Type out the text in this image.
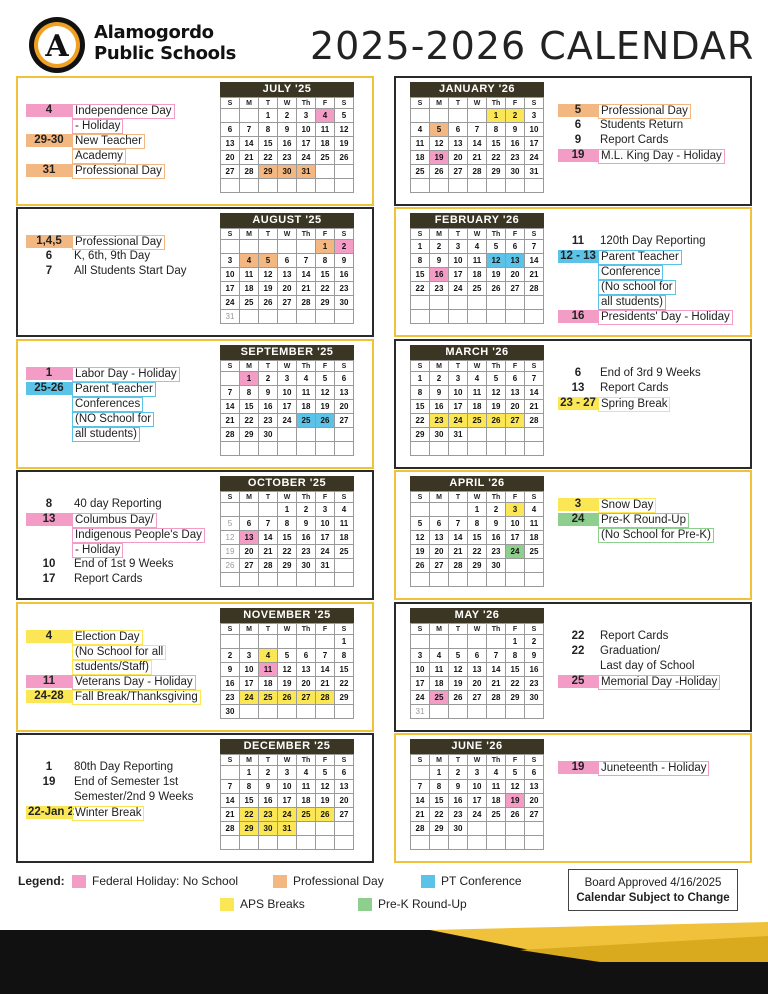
A Alamogordo
Public Schools 2025-2026 CALENDAR
4	Independence Day
- Holiday
29-30 New Teacher
Academy
31	Professional Day
JULY '25
S	M	T	W	Th	F	S
		1	2	3	4	5
6	7	8	9	10	11	12
13	14	15	16	17	18	19
20	21	22	23	24	25	26
27	28	29	30	31		

5	Professional Day
6	Students Return
9	Report Cards
19	M.L. King Day - Holiday
JANUARY '26
S	M	T	W	Th	F	S
				1	2	3
4	5	6	7	8	9	10
11	12	13	14	15	16	17
18	19	20	21	22	23	24
25	26	27	28	29	30	31

1,4,5	Professional Day
6	K, 6th, 9th Day
7	All Students Start Day
AUGUST '25
S	M	T	W	Th	F	S
					1	2
3	4	5	6	7	8	9
10	11	12	13	14	15	16
17	18	19	20	21	22	23
24	25	26	27	28	29	30
31						
11	120th Day Reporting
12 - 13 Parent Teacher
Conference
(No school for
all students)
16	Presidents' Day - Holiday
FEBRUARY '26
S	M	T	W	Th	F	S
1	2	3	4	5	6	7
8	9	10	11	12	13	14
15	16	17	18	19	20	21
22	23	24	25	26	27	28

1	Labor Day - Holiday
25-26 Parent Teacher
Conferences
(NO School for
all students)
SEPTEMBER '25
S	M	T	W	Th	F	S
	1	2	3	4	5	6
7	8	9	10	11	12	13
14	15	16	17	18	19	20
21	22	23	24	25	26	27
28	29	30				

6	End of 3rd 9 Weeks
13	Report Cards
23 - 27 Spring Break
MARCH '26
S	M	T	W	Th	F	S
1	2	3	4	5	6	7
8	9	10	11	12	13	14
15	16	17	18	19	20	21
22	23	24	25	26	27	28
29	30	31				

8	40 day Reporting
13	Columbus Day/
Indigenous People's Day
- Holiday
10	End of 1st 9 Weeks
17	Report Cards
OCTOBER '25
S	M	T	W	Th	F	S
			1	2	3	4
5	6	7	8	9	10	11
12	13	14	15	16	17	18
19	20	21	22	23	24	25
26	27	28	29	30	31	

3	Snow Day
24	Pre-K Round-Up
(No School for Pre-K)
APRIL '26
S	M	T	W	Th	F	S
			1	2	3	4
5	6	7	8	9	10	11
12	13	14	15	16	17	18
19	20	21	22	23	24	25
26	27	28	29	30		

4	Election Day
(No School for all
students/Staff)
11	Veterans Day - Holiday
24-28 Fall Break/Thanksgiving
NOVEMBER '25
S	M	T	W	Th	F	S
						1
2	3	4	5	6	7	8
9	10	11	12	13	14	15
16	17	18	19	20	21	22
23	24	25	26	27	28	29
30						
22	Report Cards
22	Graduation/
Last day of School
25	Memorial Day -Holiday
MAY '26
S	M	T	W	Th	F	S
					1	2
3	4	5	6	7	8	9
10	11	12	13	14	15	16
17	18	19	20	21	22	23
24	25	26	27	28	29	30
31						
1	80th Day Reporting
19	End of Semester 1st
Semester/2nd 9 Weeks
22-Jan 2 Winter Break
DECEMBER '25
S	M	T	W	Th	F	S
	1	2	3	4	5	6
7	8	9	10	11	12	13
14	15	16	17	18	19	20
21	22	23	24	25	26	27
28	29	30	31			

19	Juneteenth - Holiday
JUNE '26
S	M	T	W	Th	F	S
	1	2	3	4	5	6
7	8	9	10	11	12	13
14	15	16	17	18	19	20
21	22	23	24	25	26	27
28	29	30				

Legend: Federal Holiday: No School	Professional Day	PT Conference
APS Breaks	Pre-K Round-Up
Board Approved 4/16/2025
Calendar Subject to Change
